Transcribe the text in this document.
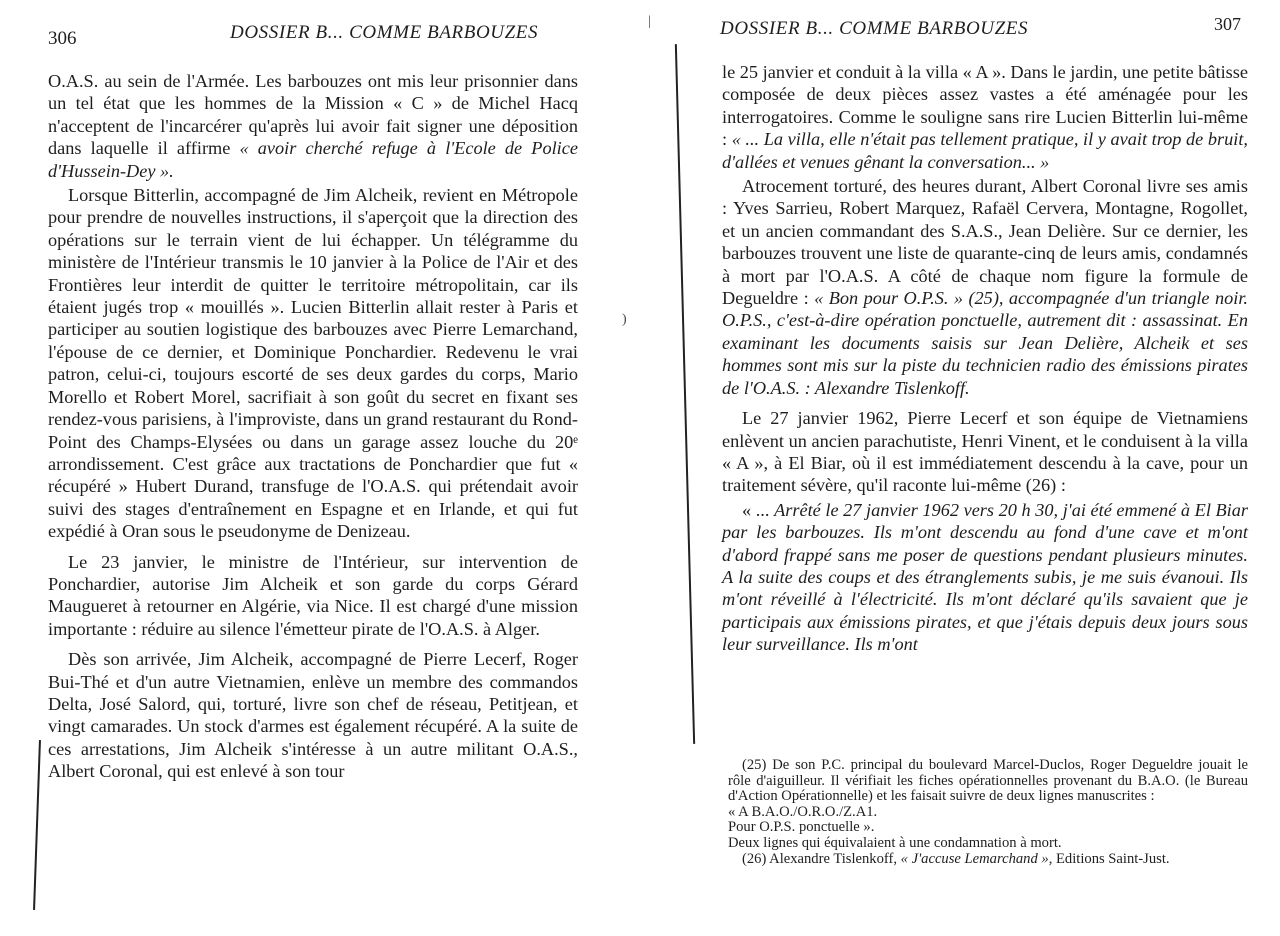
306	DOSSIER B... COMME BARBOUZES

O.A.S. au sein de l'Armée. Les barbouzes ont mis leur prisonnier dans un tel état que les hommes de la Mission « C » de Michel Hacq n'acceptent de l'incarcérer qu'après lui avoir fait signer une déposition dans laquelle il affirme « avoir cherché refuge à l'Ecole de Police d'Hussein-Dey ».

Lorsque Bitterlin, accompagné de Jim Alcheik, revient en Métropole pour prendre de nouvelles instructions, il s'aperçoit que la direction des opérations sur le terrain vient de lui échapper. Un télégramme du ministère de l'Intérieur transmis le 10 janvier à la Police de l'Air et des Frontières leur interdit de quitter le territoire métropolitain, car ils étaient jugés trop « mouillés ». Lucien Bitterlin allait rester à Paris et participer au soutien logistique des barbouzes avec Pierre Lemarchand, l'épouse de ce dernier, et Dominique Ponchardier. Redevenu le vrai patron, celui-ci, toujours escorté de ses deux gardes du corps, Mario Morello et Robert Morel, sacrifiait à son goût du secret en fixant ses rendez-vous parisiens, à l'improviste, dans un grand restaurant du Rond-Point des Champs-Elysées ou dans un garage assez louche du 20ᵉ arrondissement. C'est grâce aux tractations de Ponchardier que fut « récupéré » Hubert Durand, transfuge de l'O.A.S. qui prétendait avoir suivi des stages d'entraînement en Espagne et en Irlande, et qui fut expédié à Oran sous le pseudonyme de Denizeau.

Le 23 janvier, le ministre de l'Intérieur, sur intervention de Ponchardier, autorise Jim Alcheik et son garde du corps Gérard Maugueret à retourner en Algérie, via Nice. Il est chargé d'une mission importante : réduire au silence l'émetteur pirate de l'O.A.S. à Alger.

Dès son arrivée, Jim Alcheik, accompagné de Pierre Lecerf, Roger Bui-Thé et d'un autre Vietnamien, enlève un membre des commandos Delta, José Salord, qui, torturé, livre son chef de réseau, Petitjean, et vingt camarades. Un stock d'armes est également récupéré. A la suite de ces arrestations, Jim Alcheik s'intéresse à un autre militant O.A.S., Albert Coronal, qui est enlevé à son tour

307
DOSSIER B... COMME BARBOUZES

le 25 janvier et conduit à la villa « A ». Dans le jardin, une petite bâtisse composée de deux pièces assez vastes a été aménagée pour les interrogatoires. Comme le souligne sans rire Lucien Bitterlin lui-même : « ... La villa, elle n'était pas tellement pratique, il y avait trop de bruit, d'allées et venues gênant la conversation... »

Atrocement torturé, des heures durant, Albert Coronal livre ses amis : Yves Sarrieu, Robert Marquez, Rafaël Cervera, Montagne, Rogollet, et un ancien commandant des S.A.S., Jean Delière. Sur ce dernier, les barbouzes trouvent une liste de quarante-cinq de leurs amis, condamnés à mort par l'O.A.S. A côté de chaque nom figure la formule de Degueldre : « Bon pour O.P.S. » (25), accompagnée d'un triangle noir. O.P.S., c'est-à-dire opération ponctuelle, autrement dit : assassinat. En examinant les documents saisis sur Jean Delière, Alcheik et ses hommes sont mis sur la piste du technicien radio des émissions pirates de l'O.A.S. : Alexandre Tislenkoff.

Le 27 janvier 1962, Pierre Lecerf et son équipe de Vietnamiens enlèvent un ancien parachutiste, Henri Vinent, et le conduisent à la villa « A », à El Biar, où il est immédiatement descendu à la cave, pour un traitement sévère, qu'il raconte lui-même (26) :

« ... Arrêté le 27 janvier 1962 vers 20 h 30, j'ai été emmené à El Biar par les barbouzes. Ils m'ont descendu au fond d'une cave et m'ont d'abord frappé sans me poser de questions pendant plusieurs minutes. A la suite des coups et des étranglements subis, je me suis évanoui. Ils m'ont réveillé à l'électricité. Ils m'ont déclaré qu'ils savaient que je participais aux émissions pirates, et que j'étais depuis deux jours sous leur surveillance. Ils m'ont

(25) De son P.C. principal du boulevard Marcel-Duclos, Roger Degueldre jouait le rôle d'aiguilleur. Il vérifiait les fiches opérationnelles provenant du B.A.O. (le Bureau d'Action Opérationnelle) et les faisait suivre de deux lignes manuscrites :

« A B.A.O./O.R.O./Z.A1.

Pour O.P.S. ponctuelle ».

Deux lignes qui équivalaient à une condamnation à mort.

(26) Alexandre Tislenkoff, « J'accuse Lemarchand », Editions Saint-Just.

|
)
